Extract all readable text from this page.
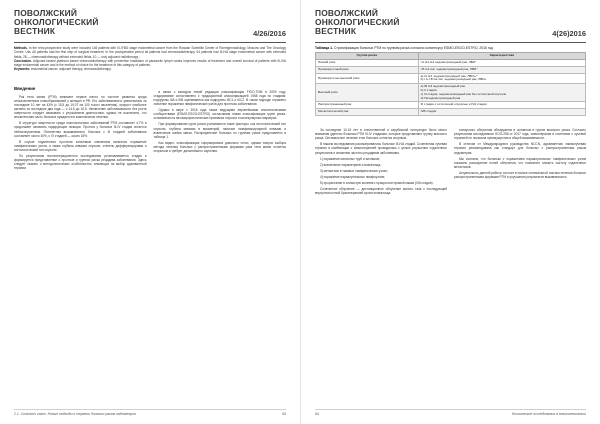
ПОВОЛЖСКИЙ
ОНКОЛОГИЧЕСКИЙ
ВЕСТНИК	4/26/2016
Methods. In the retro-prospective study were included 146 patients with III-IYBG stage endometrial cancer from the Russian Scientific Center of Roentgenradiology, Moscow and The Oncology Centre, Ufa. All patients had the first step of surgical treatment. In the postoperative period all patients had chemoradiotherapy. 64 patients had III-IVA stage endometrial cancer with extended fields, 28 — chemoradiotherapy without extended fields, 10 — only adjuvant radiotherapy...
Conclusion. Adjuvant taxane-platinum-based chemoradiotherapy with preventive irradiation of paraaortic lymph nodes improves results of treatment and overall survival of patients with III-IVA stage endometrial cancer and is the method of choice for the treatment of this category of patients.
Keywords: endometrial cancer, adjuvant therapy, chemoradiotherapy.
Введение

Рак тела матки (РТМ) занимает первое место по частоте развития среди злокачественных новообразований у женщин в РФ. Его заболеваемость увеличилась за последние 10 лет на 43% (с 15,5 до 19,07 на 100 тысяч населения), прирост наиболее активно за последние два года — с 14,5 до 16,5. Увеличение заболеваемости без роста смертности следует связывать с улучшением диагностики, однако не исключено, что значительная часть больных нуждается в комплексном лечении.

В структуре смертности среди онкологических заболеваний РТМ составляет 4,7% и продолжает занимать лидирующие позиции. Прогноз у больных III-IV стадии остается неблагоприятным. Пятилетняя выживаемость больных с III стадией заболевания составляет около 40%, с IV стадией — около 18%.

В случае отдаленного прогноза ключевым значением являются поражение лимфатических узлов, а также глубина инвазии опухоли, степень дифференцировки и гистологический тип опухоли.

По результатам послеоперационного исследования устанавливается стадия и формируется представление о прогнозе и группах риска рецидива заболевания. Здесь следует сказать о методологических особенностях, влияющих на выбор адъювантной терапии.

в связи с выходом новой редакции классификации FIGO-TNM в 2009 году, стадирование сопоставлено с традиционной классификацией 1988 года по стадиям: подгруппы IIIA и IIIB оцениваются как подгруппы IIIC1 и IIIC2. В таком подходе отражено значение поражения лимфатических узлов для прогноза заболевания.

Однако в мире с 2016 года также ведущими европейскими онкологическими сообществами (ESMO-ESGO-ESTRO) согласована новая классификация групп риска, основанная на патоморфологических признаках опухоли и молекулярных маркерах.

При формировании групп риска учитываются такие факторы, как гистологический тип опухоли, глубина инвазии в миометрий, наличие лимфоваскулярной инвазии и вовлечение шейки матки. Распределение больных по группам риска представлено в таблице 1.

Как видно, классификация сформирована довольно четко, однако вопрос выбора метода лечения больных с распространенными формами рака тела матки остается открытым и требует дальнейшего изучения.

2.1. Cordoba's cases. Новые подходы к терапии больных раком эндометрия	63
ПОВОЛЖСКИЙ
ОНКОЛОГИЧЕСКИЙ
ВЕСТНИК	4(26)2016
Таблица 1. Стратификация больных РТМ по группам риска согласно консенсусу ESMO-ESGO-ESTRO, 2016 год
Группа риска	Характеристика
Низкий риск	I A G1-G2 эндометриоидный рак, ЛВИ−
Промежуточный риск	I B G1-G2, эндометриоидный рак, ЛВИ−
Промежуточно-высокий риск	a) IA G3, эндометриоидный рак, ЛВИ+/−
b) I A-I B G1-G2, эндометриоидный рак, ЛВИ+
Высокий риск	a) IB G3 эндометриоидный рак
b) II стадия
c) III стадия, эндометриоидный рак без остаточной опухоли
d) Неэндометриоидный рак
Распространенный рак	III стадия с остаточной опухолью и IVA стадия
Метастатический рак	IVB стадия

За последние 10-15 лет в отечественной и зарубежной литературе было много внимания уделено больным РТМ III-IV стадиями, которые представляют группу высокого риска. Оптимальное лечение этих больных остается спорным.

В нашем исследовании рассматривались больные III-IVA стадий. Сочетанная лучевая терапия в комбинации с химиотерапией проводилась с целью улучшения отдаленных результатов и снижения частоты рецидивов заболевания.

1) поражение маточных труб и яичников;

2) вовлечение параметриев и влагалища;

3) метастазы в тазовых лимфатических узлах;

4) поражение парааортальных лимфоузлов;

5) прорастание в слизистую мочевого пузыря или прямой кишки (IVA стадия).

Сочетанное облучение — дистанционное облучение малого таза с последующей внутриполостной брахитерапией культи влагалища.

сонаучного облучения обнаружены в основном в группе высокого риска. Согласно результатам исследования GOG-258 от 2017 года, химиотерапия в сочетании с лучевой терапией не показала преимущества в общей выживаемости.

В отличие от Международного руководства NCCN, адъювантная химиолучевая терапия рекомендована как стандарт для больных с распространенным раком эндометрия.

Мы считаем, что больным с поражением парааортальных лимфатических узлов показано расширение полей облучения, что позволяет снизить частоту отдаленных метастазов.

Актуальность данной работы состоит в поиске оптимальной тактики лечения больных распространенными формами РТМ и улучшении результатов выживаемости.

64	Клинические исследования в онкогинекологии
